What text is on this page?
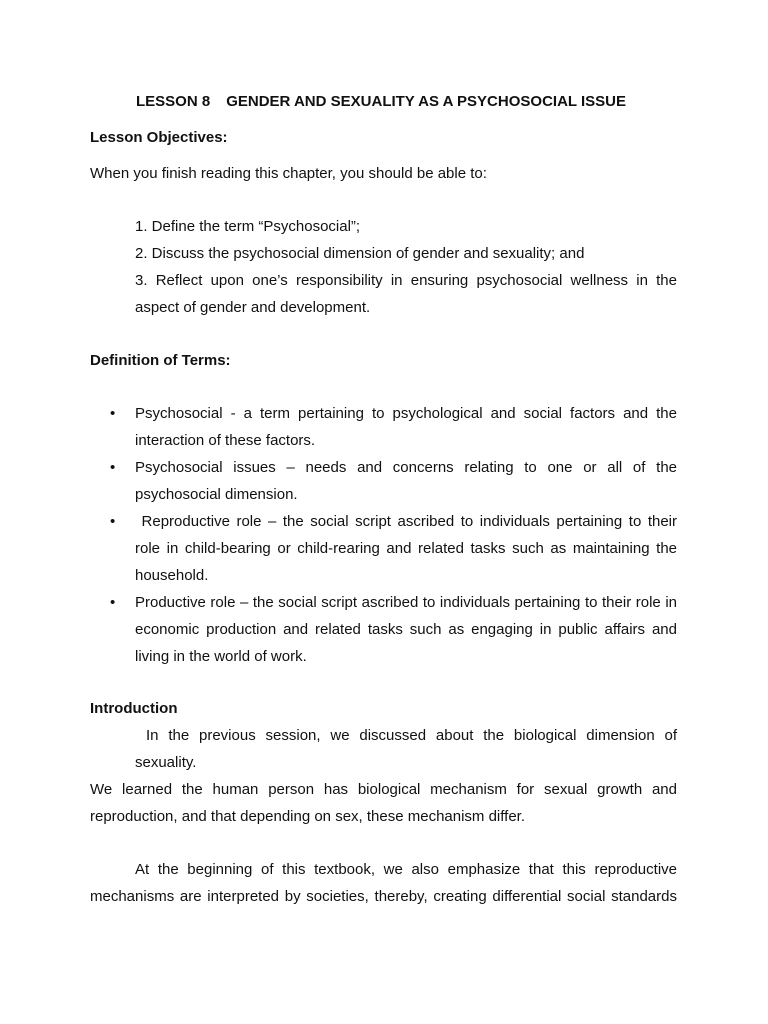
LESSON 8 GENDER AND SEXUALITY AS A PSYCHOSOCIAL ISSUE
Lesson Objectives:
When you finish reading this chapter, you should be able to:
1. Define the term “Psychosocial”;
2. Discuss the psychosocial dimension of gender and sexuality; and
3. Reflect upon one’s responsibility in ensuring psychosocial wellness in the
aspect of gender and development.
Definition of Terms:
•	Psychosocial - a term pertaining to psychological and social factors and the
interaction of these factors.
•	Psychosocial issues – needs and concerns relating to one or all of the
psychosocial dimension.
•	Reproductive role – the social script ascribed to individuals pertaining to their
role in child-bearing or child-rearing and related tasks such as maintaining the
household.
•	Productive role – the social script ascribed to individuals pertaining to their role in
economic production and related tasks such as engaging in public affairs and
living in the world of work.
Introduction
In the previous session, we discussed about the biological dimension of
sexuality.
We learned the human person has biological mechanism for sexual growth and
reproduction, and that depending on sex, these mechanism differ.
At the beginning of this textbook, we also emphasize that this reproductive
mechanisms are interpreted by societies, thereby, creating differential social standards
